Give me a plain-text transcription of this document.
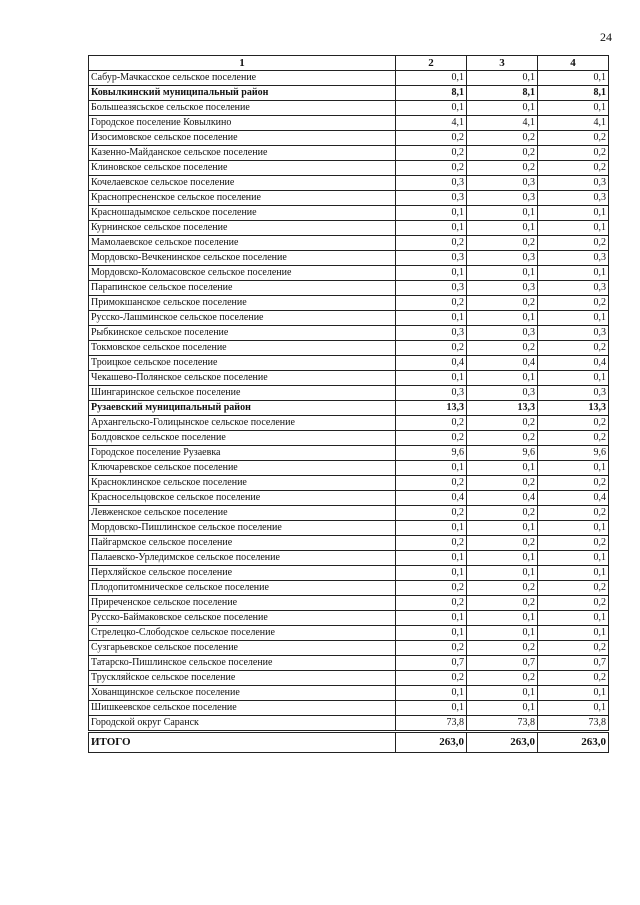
24
1	2	3	4
Сабур-Мачкасское сельское поселение	0,1	0,1	0,1
Ковылкинский муниципальный район	8,1	8,1	8,1
Большеазясьское сельское поселение	0,1	0,1	0,1
Городское поселение Ковылкино	4,1	4,1	4,1
Изосимовское сельское поселение	0,2	0,2	0,2
Казенно-Майданское сельское поселение	0,2	0,2	0,2
Клиновское сельское поселение	0,2	0,2	0,2
Кочелаевское сельское поселение	0,3	0,3	0,3
Краснопресненское сельское поселение	0,3	0,3	0,3
Красношадымское сельское поселение	0,1	0,1	0,1
Курнинское сельское поселение	0,1	0,1	0,1
Мамолаевское сельское поселение	0,2	0,2	0,2
Мордовско-Вечкенинское сельское поселение	0,3	0,3	0,3
Мордовско-Коломасовское сельское поселение	0,1	0,1	0,1
Парапинское сельское поселение	0,3	0,3	0,3
Примокшанское сельское поселение	0,2	0,2	0,2
Русско-Лашминское сельское поселение	0,1	0,1	0,1
Рыбкинское сельское поселение	0,3	0,3	0,3
Токмовское сельское поселение	0,2	0,2	0,2
Троицкое сельское поселение	0,4	0,4	0,4
Чекашево-Полянское сельское поселение	0,1	0,1	0,1
Шингаринское сельское поселение	0,3	0,3	0,3
Рузаевский муниципальный район	13,3	13,3	13,3
Архангельско-Голицынское сельское поселение	0,2	0,2	0,2
Болдовское сельское поселение	0,2	0,2	0,2
Городское поселение Рузаевка	9,6	9,6	9,6
Ключаревское сельское поселение	0,1	0,1	0,1
Красноклинское сельское поселение	0,2	0,2	0,2
Красносельцовское сельское поселение	0,4	0,4	0,4
Левженское сельское поселение	0,2	0,2	0,2
Мордовско-Пишлинское сельское поселение	0,1	0,1	0,1
Пайгармское сельское поселение	0,2	0,2	0,2
Палаевско-Урледимское сельское поселение	0,1	0,1	0,1
Перхляйское сельское поселение	0,1	0,1	0,1
Плодопитомническое сельское поселение	0,2	0,2	0,2
Приреченское сельское поселение	0,2	0,2	0,2
Русско-Баймаковское сельское поселение	0,1	0,1	0,1
Стрелецко-Слободское сельское поселение	0,1	0,1	0,1
Сузгарьевское сельское поселение	0,2	0,2	0,2
Татарско-Пишлинское сельское поселение	0,7	0,7	0,7
Трускляйское сельское поселение	0,2	0,2	0,2
Хованщинское сельское поселение	0,1	0,1	0,1
Шишкеевское сельское поселение	0,1	0,1	0,1
Городской округ Саранск	73,8	73,8	73,8
ИТОГО	263,0	263,0	263,0
